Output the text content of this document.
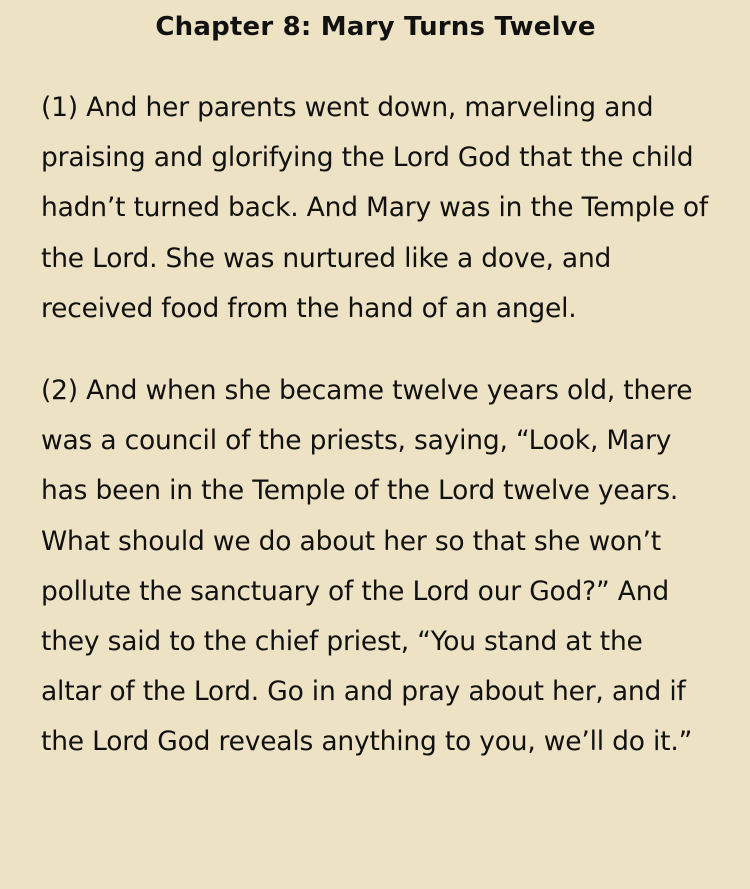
Chapter 8: Mary Turns Twelve

(1) And her parents went down, marveling and praising and glorifying the Lord God that the child hadn’t turned back. And Mary was in the Temple of the Lord. She was nurtured like a dove, and received food from the hand of an angel.

(2) And when she became twelve years old, there was a council of the priests, saying, “Look, Mary has been in the Temple of the Lord twelve years. What should we do about her so that she won’t pollute the sanctuary of the Lord our God?” And they said to the chief priest, “You stand at the altar of the Lord. Go in and pray about her, and if the Lord God reveals anything to you, we’ll do it.”
